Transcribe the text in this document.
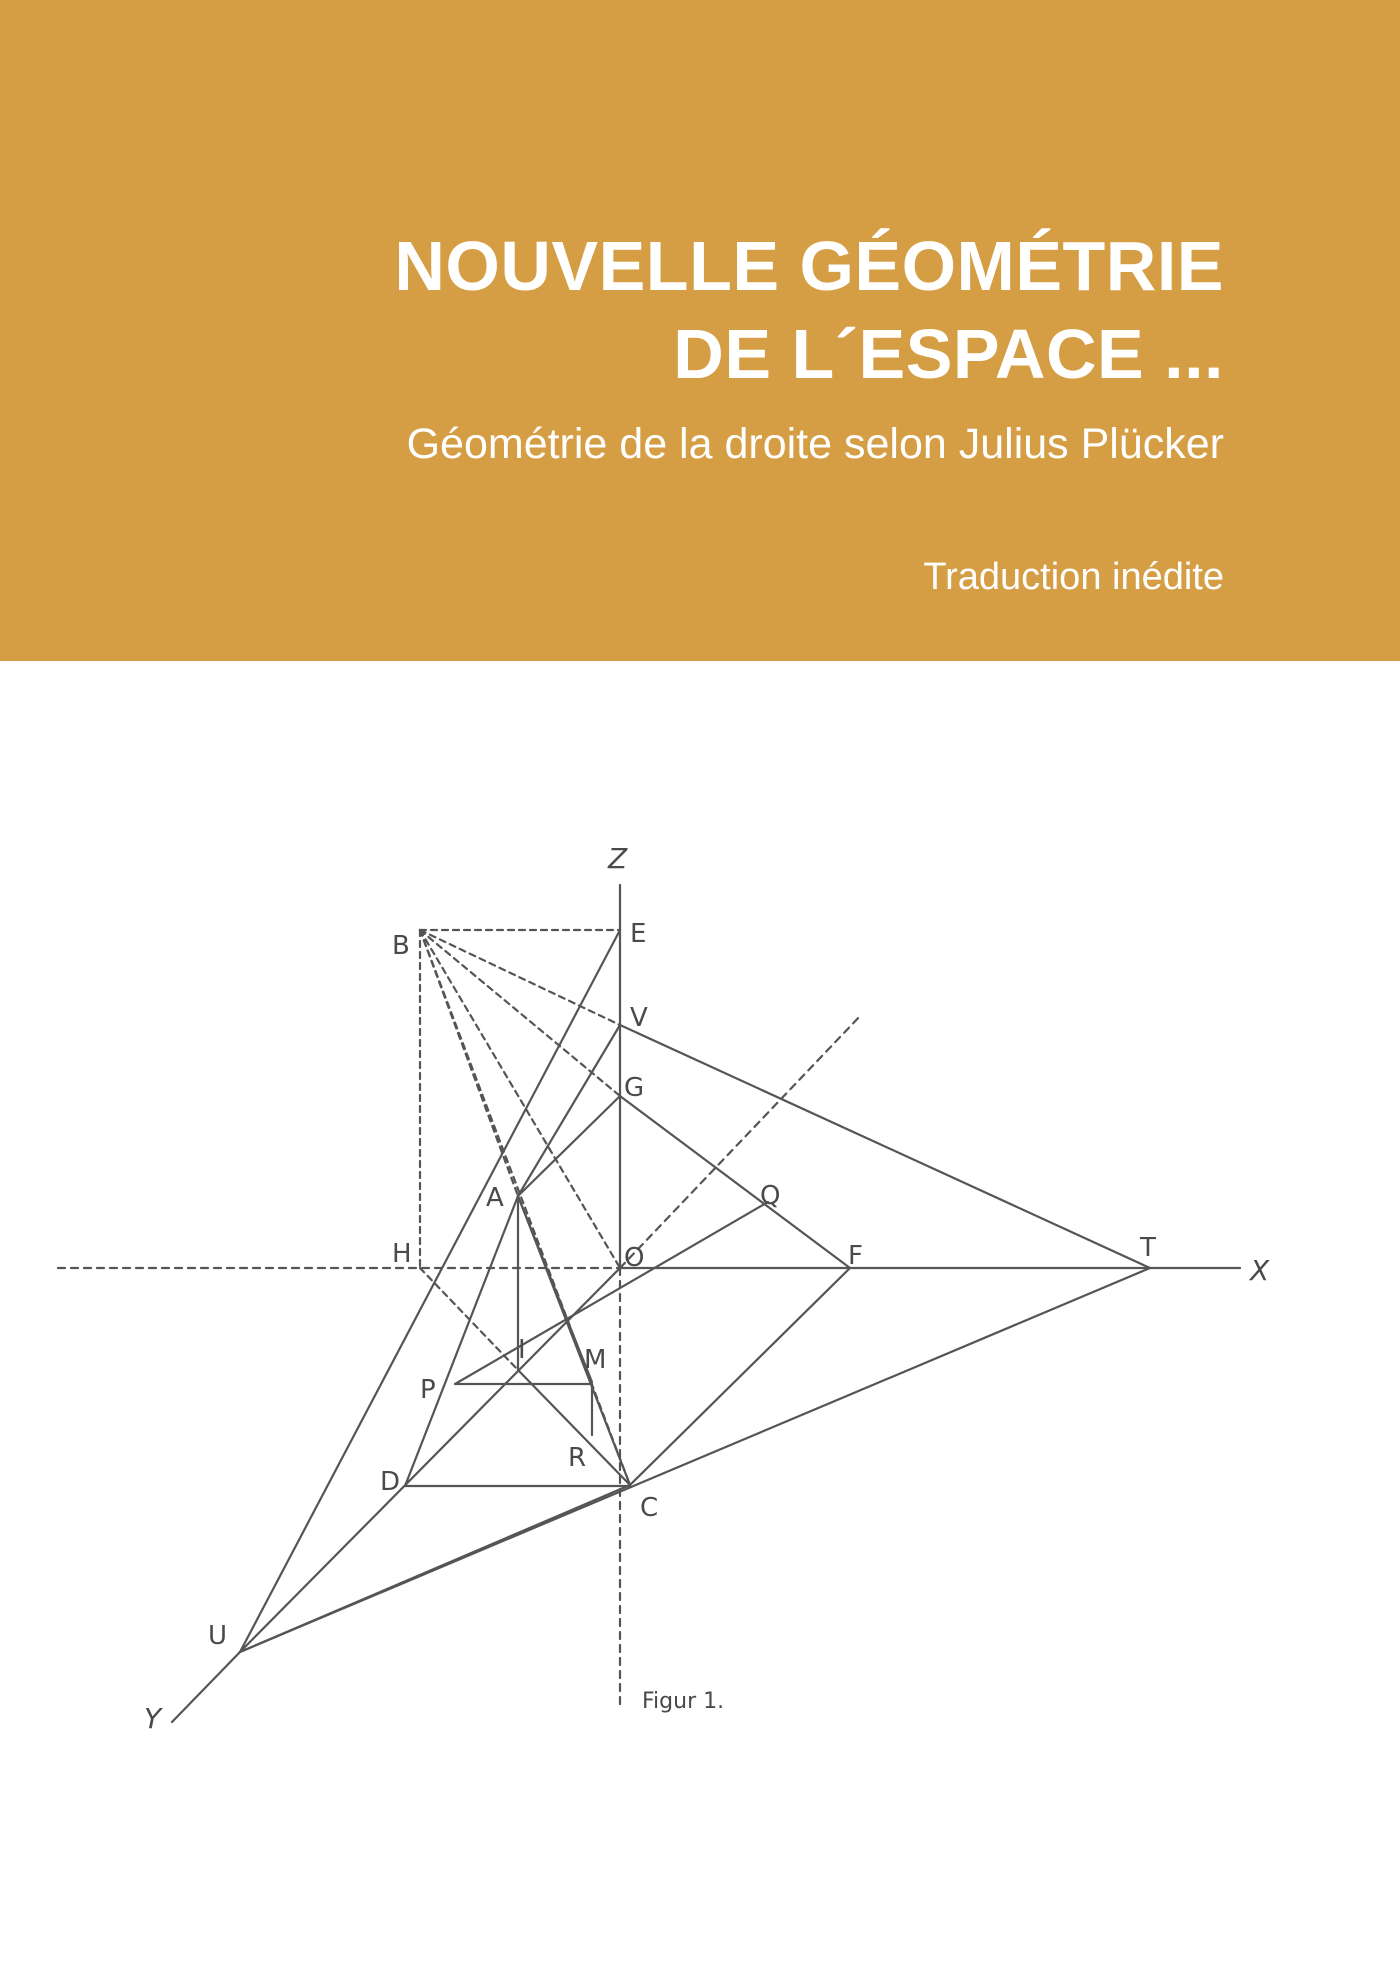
NOUVELLE GÉOMÉTRIE
DE L´ESPACE ...

Géométrie de la droite selon Julius Plücker

Traduction inédite

Z
X
Y
B	E
V
G
A	Q
H	O	F	T
I M
P
R
D
C
U
Figur 1.
